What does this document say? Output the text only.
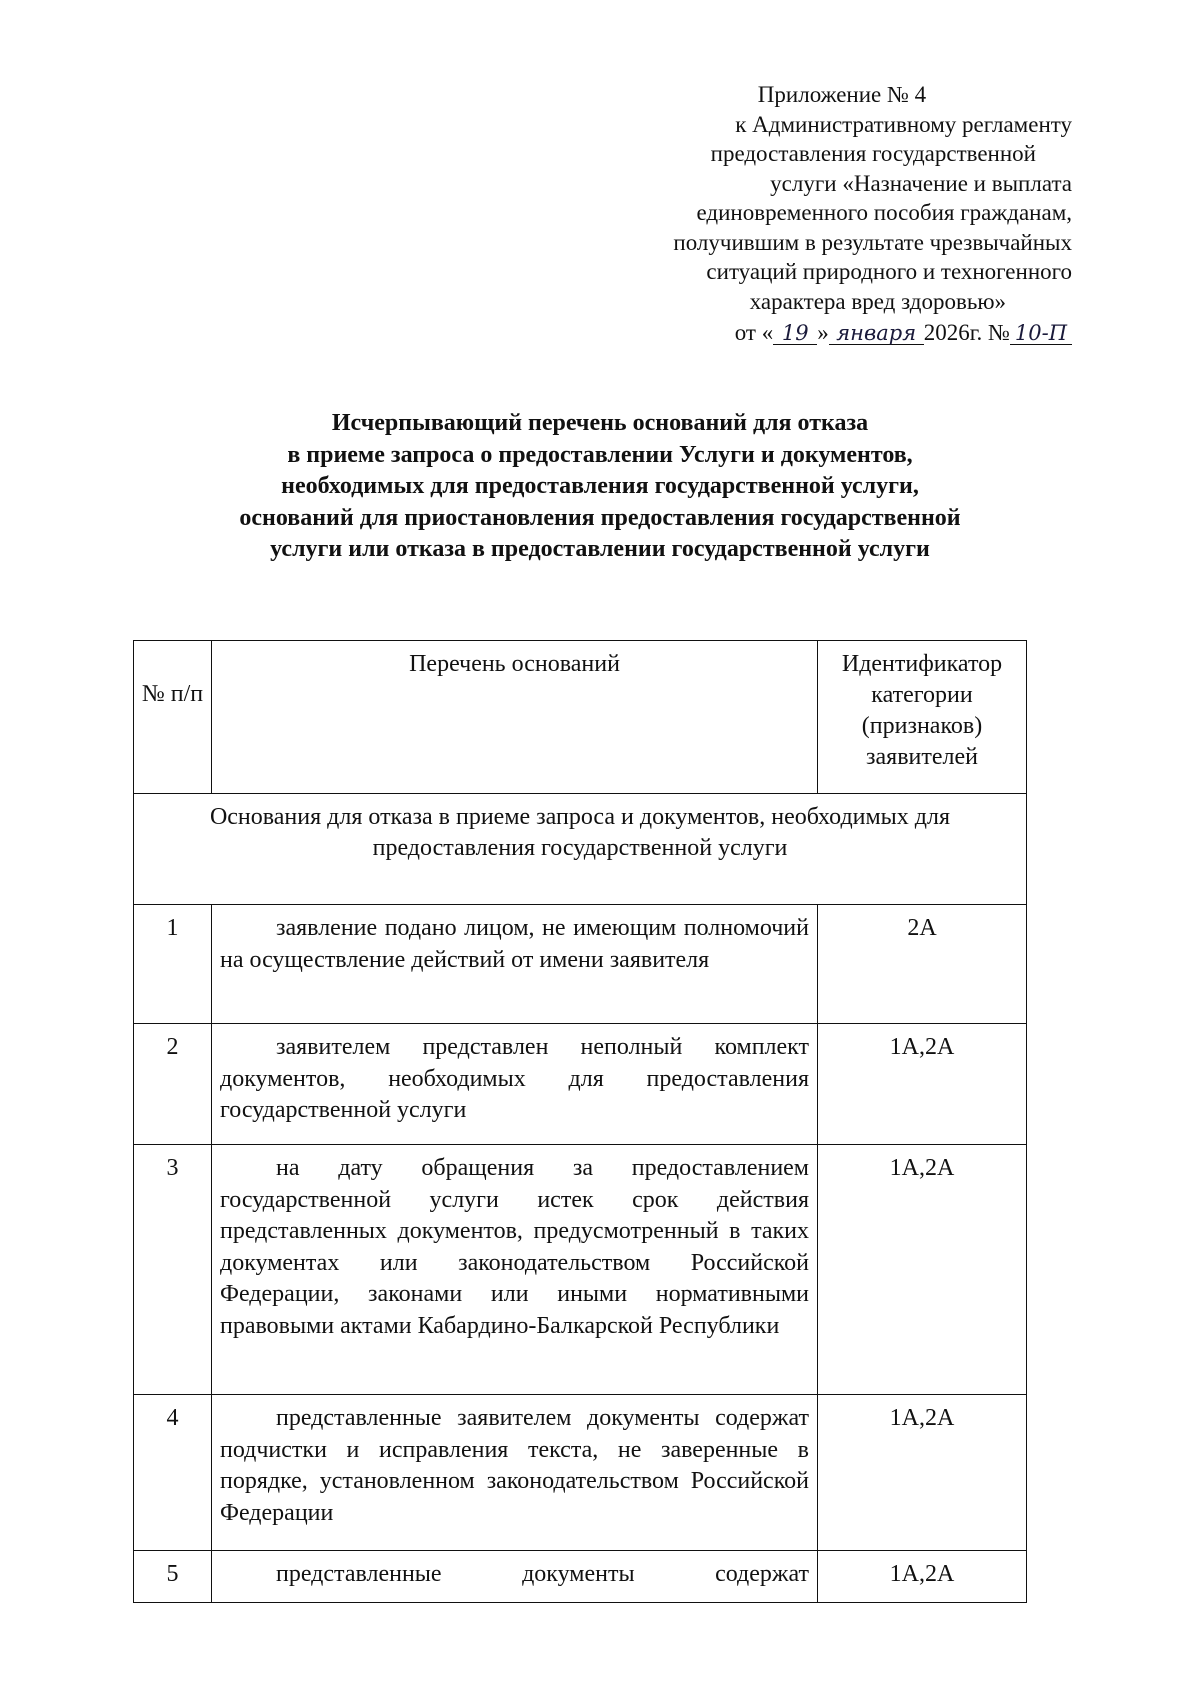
Приложение № 4
к Административному регламенту
предоставления государственной
услуги «Назначение и выплата
единовременного пособия гражданам,
получившим в результате чрезвычайных
ситуаций природного и техногенного
характера вред здоровью»
от « 19 » января 2026г. № 10-П
Исчерпывающий перечень оснований для отказа
в приеме запроса о предоставлении Услуги и документов,
необходимых для предоставления государственной услуги,
оснований для приостановления предоставления государственной
услуги или отказа в предоставлении государственной услуги
№ п/п	Перечень оснований	Идентификатор категории (признаков) заявителей

Основания для отказа в приеме запроса и документов, необходимых для предоставления государственной услуги		

1	заявление подано лицом, не имеющим полномочий на осуществление действий от имени заявителя	2А

2	заявителем представлен неполный комплект документов, необходимых для предоставления государственной услуги	1А,2А

3	на дату обращения за предоставлением государственной услуги истек срок действия представленных документов, предусмотренный в таких документах или законодательством Российской Федерации, законами или иными нормативными правовыми актами Кабардино-Балкарской Республики	1А,2А

4	представленные заявителем документы содержат подчистки и исправления текста, не заверенные в порядке, установленном законодательством Российской Федерации	1А,2А

5	представленные документы содержат	1А,2А
